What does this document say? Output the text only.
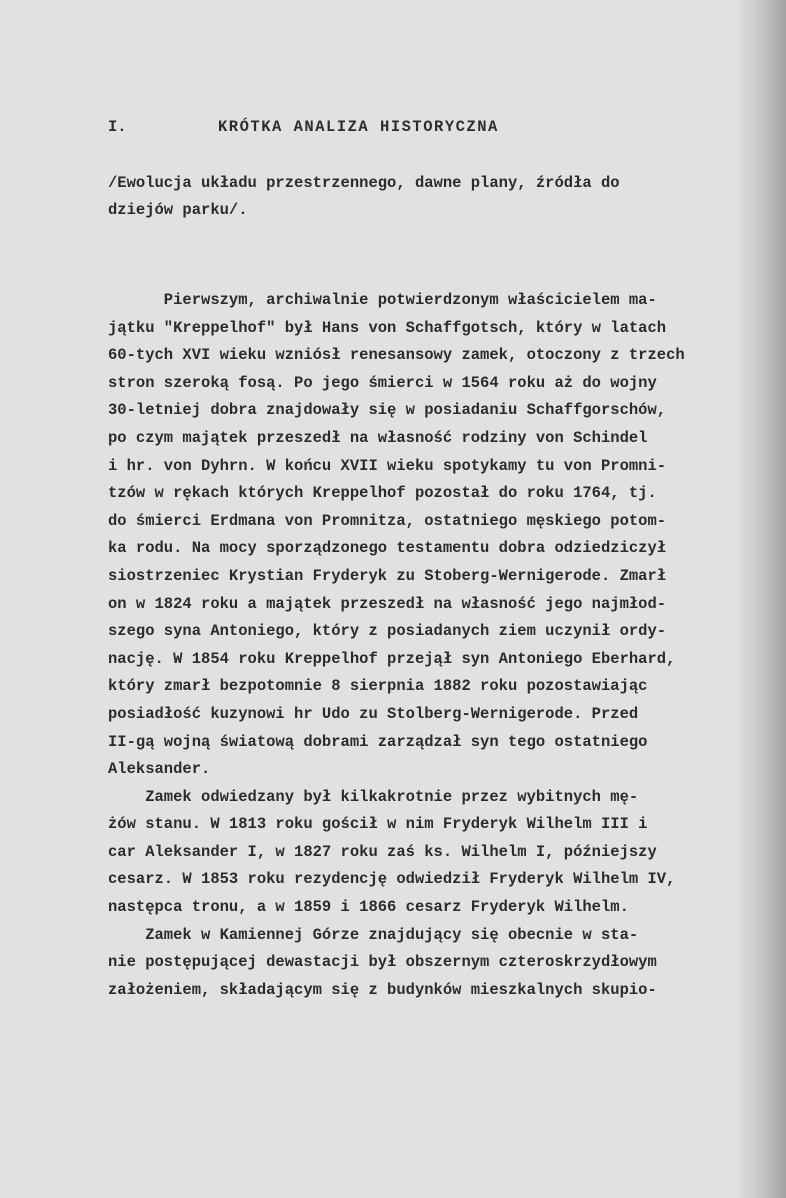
I.

	KRÓTKA ANALIZA HISTORYCZNA

/Ewolucja układu przestrzennego, dawne plany, źródła do
dziejów parku/.
Pierwszym, archiwalnie potwierdzonym właścicielem ma-
jątku "Kreppelhof" był Hans von Schaffgotsch, który w latach
60-tych XVI wieku wzniósł renesansowy zamek, otoczony z trzech
stron szeroką fosą. Po jego śmierci w 1564 roku aż do wojny
30-letniej dobra znajdowały się w posiadaniu Schaffgorschów,
po czym majątek przeszedł na własność rodziny von Schindel
i hr. von Dyhrn. W końcu XVII wieku spotykamy tu von Promni-
tzów w rękach których Kreppelhof pozostał do roku 1764, tj.
do śmierci Erdmana von Promnitza, ostatniego męskiego potom-
ka rodu. Na mocy sporządzonego testamentu dobra odziedziczył
siostrzeniec Krystian Fryderyk zu Stoberg-Wernigerode. Zmarł
on w 1824 roku a majątek przeszedł na własność jego najmłod-
szego syna Antoniego, który z posiadanych ziem uczynił ordy-
nację. W 1854 roku Kreppelhof przejął syn Antoniego Eberhard,
który zmarł bezpotomnie 8 sierpnia 1882 roku pozostawiając
posiadłość kuzynowi hr Udo zu Stolberg-Wernigerode. Przed
II-gą wojną światową dobrami zarządzał syn tego ostatniego
Aleksander.
Zamek odwiedzany był kilkakrotnie przez wybitnych mę-
żów stanu. W 1813 roku gościł w nim Fryderyk Wilhelm III i
car Aleksander I, w 1827 roku zaś ks. Wilhelm I, późniejszy
cesarz. W 1853 roku rezydencję odwiedził Fryderyk Wilhelm IV,
następca tronu, a w 1859 i 1866 cesarz Fryderyk Wilhelm.
Zamek w Kamiennej Górze znajdujący się obecnie w sta-
nie postępującej dewastacji był obszernym czteroskrzydłowym
założeniem, składającym się z budynków mieszkalnych skupio-
